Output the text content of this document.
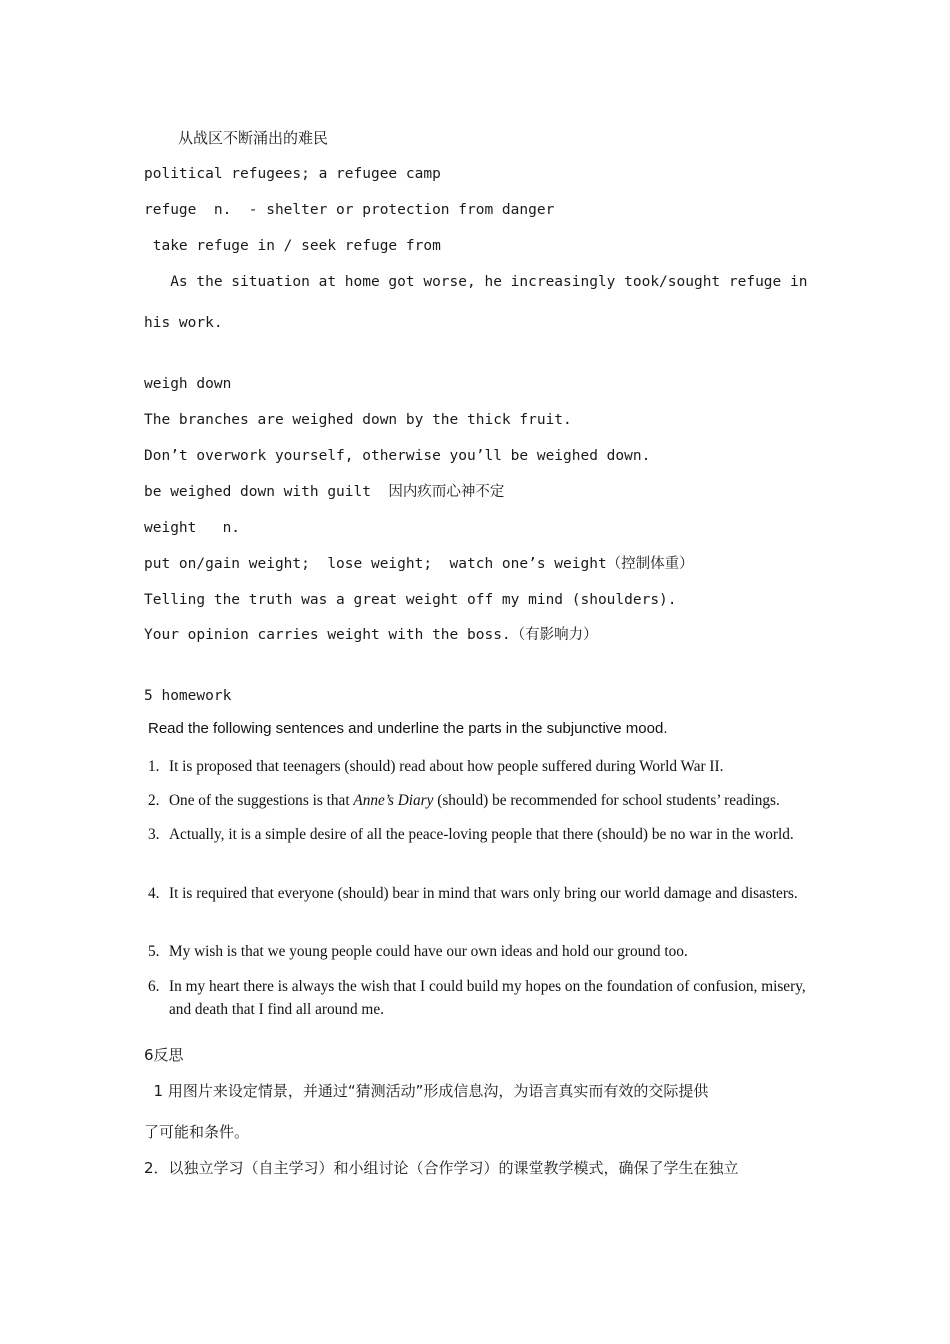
从战区不断涌出的难民
political refugees; a refugee camp
refuge  n.  - shelter or protection from danger
take refuge in / seek refuge from
As the situation at home got worse, he increasingly took/sought refuge in
his work.
weigh down
The branches are weighed down by the thick fruit.
Don’t overwork yourself, otherwise you’ll be weighed down.
be weighed down with guilt  因内疚而心神不定
weight   n.
put on/gain weight;  lose weight;  watch one’s weight（控制体重）
Telling the truth was a great weight off my mind (shoulders).
Your opinion carries weight with the boss.（有影响力）
5 homework
Read the following sentences and underline the parts in the subjunctive mood.
1. It is proposed that teenagers (should) read about how people suffered during World War II.
2. One of the suggestions is that Anne’s Diary (should) be recommended for school students’ readings.
3. Actually, it is a simple desire of all the peace-loving people that there (should) be no war in the world.
4. It is required that everyone (should) bear in mind that wars only bring our world damage and disasters.
5. My wish is that we young people could have our own ideas and hold our ground too.
6. In my heart there is always the wish that I could build my hopes on the foundation of confusion, misery, and death that I find all around me.
6反思
1 用图片来设定情景，并通过“猜测活动”形成信息沟，为语言真实而有效的交际提供
了可能和条件。
2．以独立学习（自主学习）和小组讨论（合作学习）的课堂教学模式，确保了学生在独立
